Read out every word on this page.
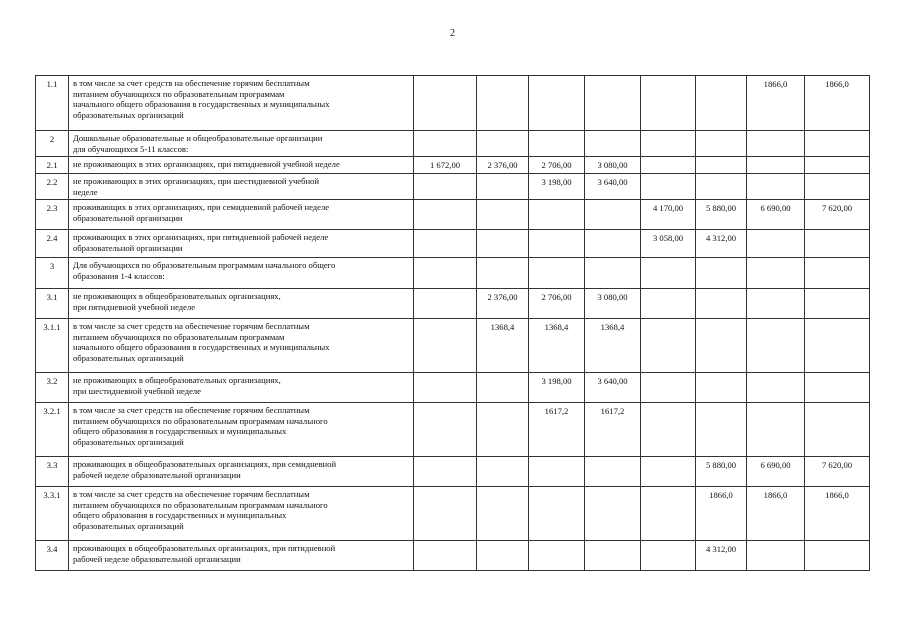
2
1.1	в том числе за счет средств на обеспечение горячим бесплатным
питанием обучающихся по образовательным программам
начального общего образования в государственных и муниципальных
образовательных организаций							1866,0	1866,0
2	Дошкольные образовательные и общеобразовательные организации
для обучающихся 5-11 классов:								
2.1	не проживающих в этих организациях, при пятидневной учебной неделе	1 672,00	2 376,00	2 706,00	3 080,00				
2.2	не проживающих в этих организациях, при шестидневной учебной
неделе			3 198,00	3 640,00				
2.3	проживающих в этих организациях, при семидневной рабочей неделе
образовательной организации					4 170,00	5 880,00	6 690,00	7 620,00
2.4	проживающих в этих организациях, при пятидневной рабочей неделе
образовательной организации					3 058,00	4 312,00		
3	Для обучающихся по образовательным программам начального общего
образования 1-4 классов:								
3.1	не проживающих в общеобразовательных организациях,
при пятидневной учебной неделе		2 376,00	2 706,00	3 080,00				
3.1.1	в том числе за счет средств на обеспечение горячим бесплатным
питанием обучающихся по образовательным программам
начального общего образования в государственных и муниципальных
образовательных организаций		1368,4	1368,4	1368,4				
3.2	не проживающих в общеобразовательных организациях,
при шестидневной учебной неделе			3 198,00	3 640,00				
3.2.1	в том числе за счет средств на обеспечение горячим бесплатным
питанием обучающихся по образовательным программам начального
общего образования в государственных и муниципальных
образовательных организаций			1617,2	1617,2				
3.3	проживающих в общеобразовательных организациях, при семидневной
рабочей неделе образовательной организации						5 880,00	6 690,00	7 620,00
3.3.1	в том числе за счет средств на обеспечение горячим бесплатным
питанием обучающихся по образовательным программам начального
общего образования в государственных и муниципальных
образовательных организаций						1866,0	1866,0	1866,0
3.4	проживающих в общеобразовательных организациях, при пятидневной
рабочей неделе образовательной организации						4 312,00		
